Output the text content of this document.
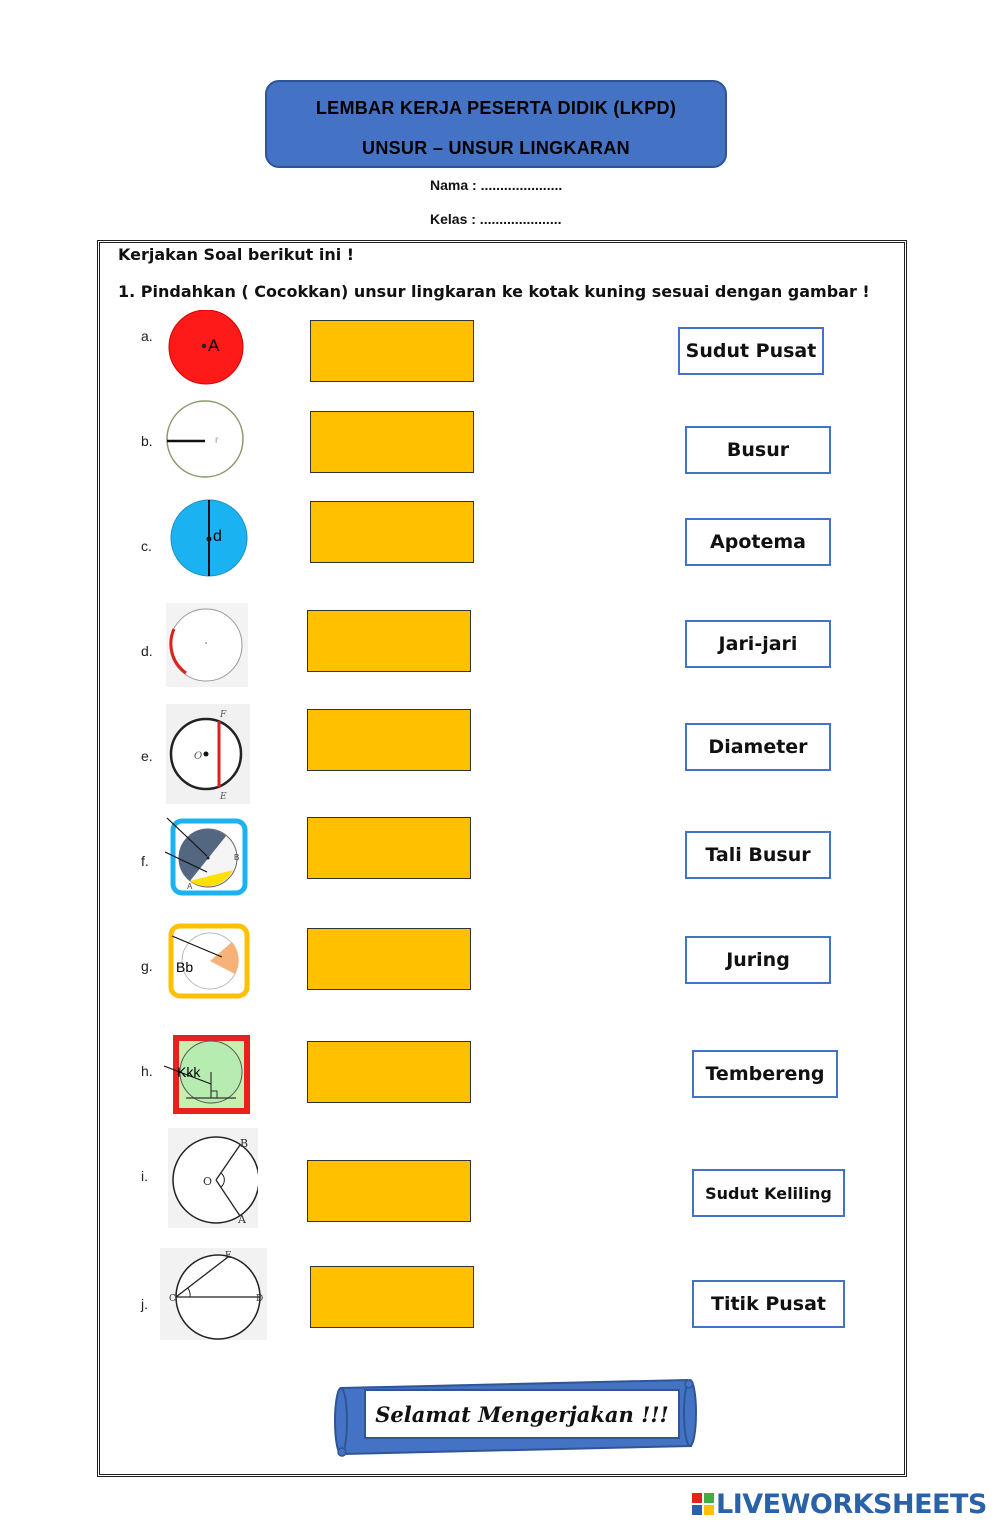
LEMBAR KERJA PESERTA DIDIK (LKPD)
UNSUR – UNSUR LINGKARAN
Nama : .....................
Kelas : .....................
Kerjakan Soal berikut ini !
1. Pindahkan ( Cocokkan) unsur lingkaran ke kotak kuning sesuai dengan gambar !
a.
b.
c.
d.
e.
f.
g.
h.
i.
j.
A
r
d
O
F
E
B
A
Bb
Kkk
O
B
A
C	D
E
Sudut Pusat
Busur
Apotema
Jari-jari
Diameter
Tali Busur
Juring
Tembereng
Sudut Keliling
Titik Pusat
Selamat Mengerjakan !!!
LIVEWORKSHEETS
